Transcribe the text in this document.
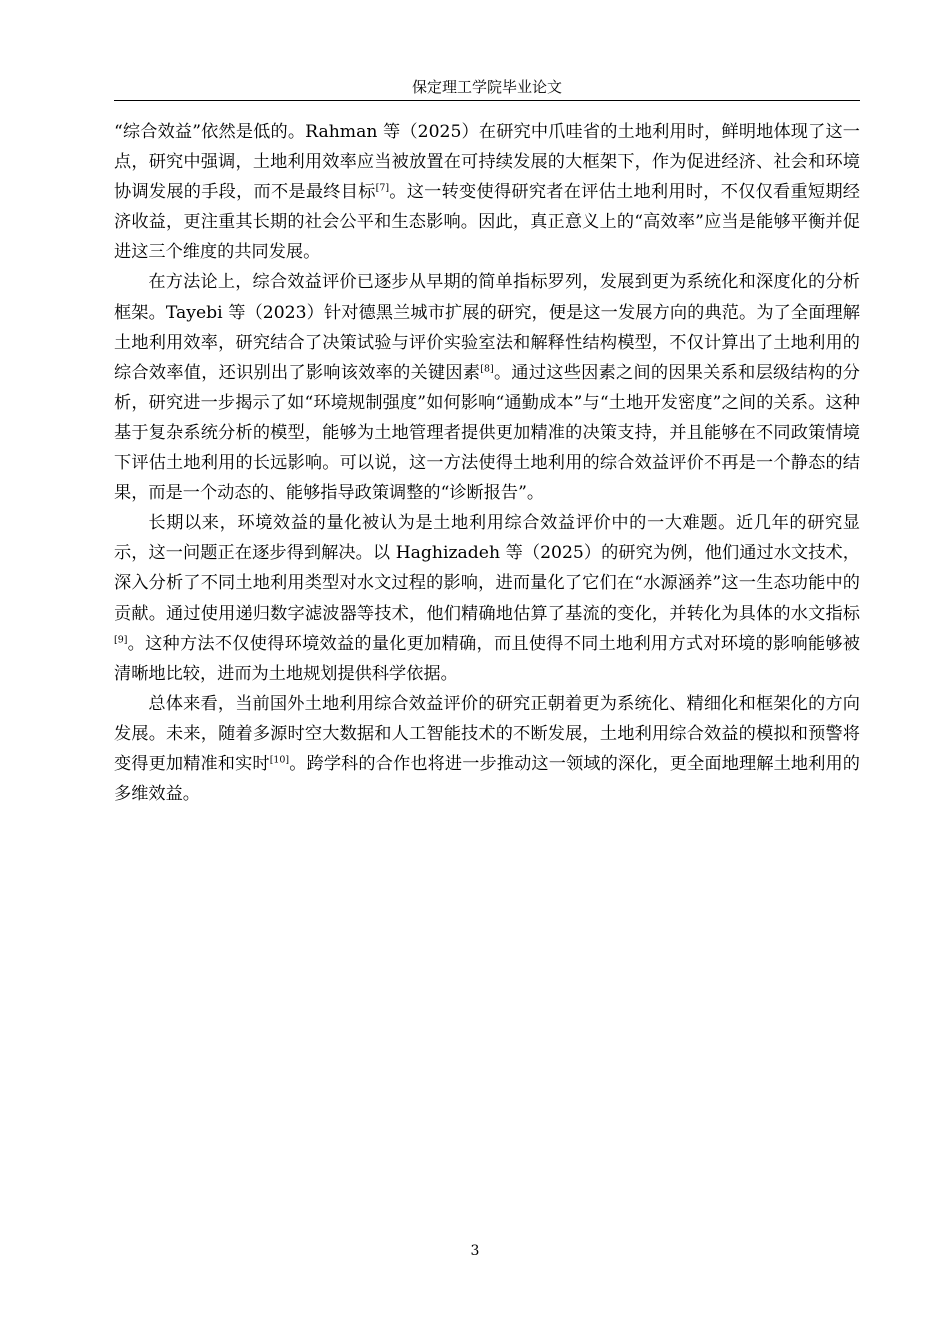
保定理工学院毕业论文

“综合效益”依然是低的。Rahman 等（2025）在研究中爪哇省的土地利用时，鲜明地体现了这一点，研究中强调，土地利用效率应当被放置在可持续发展的大框架下，作为促进经济、社会和环境协调发展的手段，而不是最终目标[7]。这一转变使得研究者在评估土地利用时，不仅仅看重短期经济收益，更注重其长期的社会公平和生态影响。因此，真正意义上的“高效率”应当是能够平衡并促进这三个维度的共同发展。

在方法论上，综合效益评价已逐步从早期的简单指标罗列，发展到更为系统化和深度化的分析框架。Tayebi 等（2023）针对德黑兰城市扩展的研究，便是这一发展方向的典范。为了全面理解土地利用效率，研究结合了决策试验与评价实验室法和解释性结构模型，不仅计算出了土地利用的综合效率值，还识别出了影响该效率的关键因素[8]。通过这些因素之间的因果关系和层级结构的分析，研究进一步揭示了如“环境规制强度”如何影响“通勤成本”与“土地开发密度”之间的关系。这种基于复杂系统分析的模型，能够为土地管理者提供更加精准的决策支持，并且能够在不同政策情境下评估土地利用的长远影响。可以说，这一方法使得土地利用的综合效益评价不再是一个静态的结果，而是一个动态的、能够指导政策调整的“诊断报告”。

长期以来，环境效益的量化被认为是土地利用综合效益评价中的一大难题。近几年的研究显示，这一问题正在逐步得到解决。以 Haghizadeh 等（2025）的研究为例，他们通过水文技术，深入分析了不同土地利用类型对水文过程的影响，进而量化了它们在“水源涵养”这一生态功能中的贡献。通过使用递归数字滤波器等技术，他们精确地估算了基流的变化，并转化为具体的水文指标[9]。这种方法不仅使得环境效益的量化更加精确，而且使得不同土地利用方式对环境的影响能够被清晰地比较，进而为土地规划提供科学依据。

总体来看，当前国外土地利用综合效益评价的研究正朝着更为系统化、精细化和框架化的方向发展。未来，随着多源时空大数据和人工智能技术的不断发展，土地利用综合效益的模拟和预警将变得更加精准和实时[10]。跨学科的合作也将进一步推动这一领域的深化，更全面地理解土地利用的多维效益。

3
